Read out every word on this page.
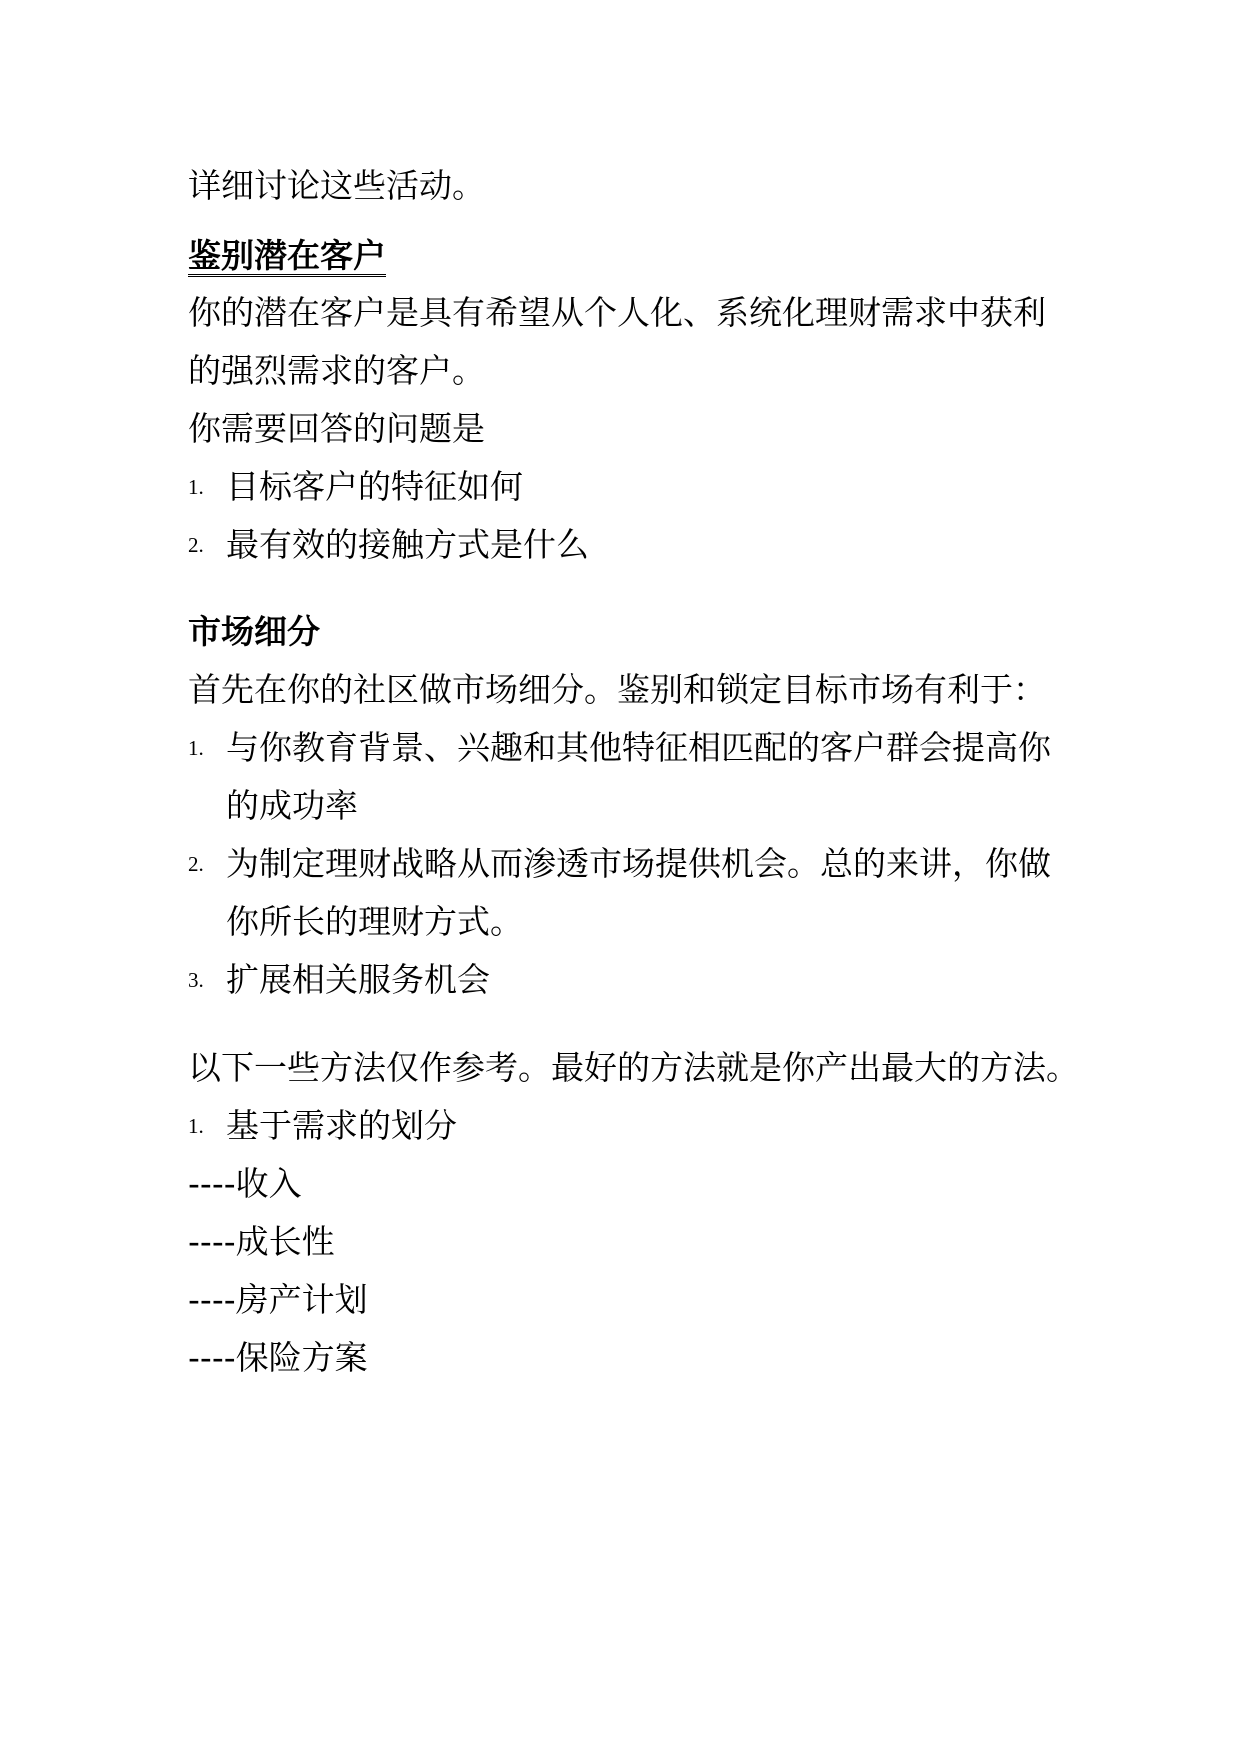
详细讨论这些活动。
鉴别潜在客户
你的潜在客户是具有希望从个人化、系统化理财需求中获利
的强烈需求的客户。
你需要回答的问题是
1. 目标客户的特征如何
2. 最有效的接触方式是什么
市场细分
首先在你的社区做市场细分。鉴别和锁定目标市场有利于：
1. 与你教育背景、兴趣和其他特征相匹配的客户群会提高你
的成功率
2. 为制定理财战略从而渗透市场提供机会。总的来讲，你做
你所长的理财方式。
3. 扩展相关服务机会
以下一些方法仅作参考。最好的方法就是你产出最大的方法。
1. 基于需求的划分
----收入
----成长性
----房产计划
----保险方案
